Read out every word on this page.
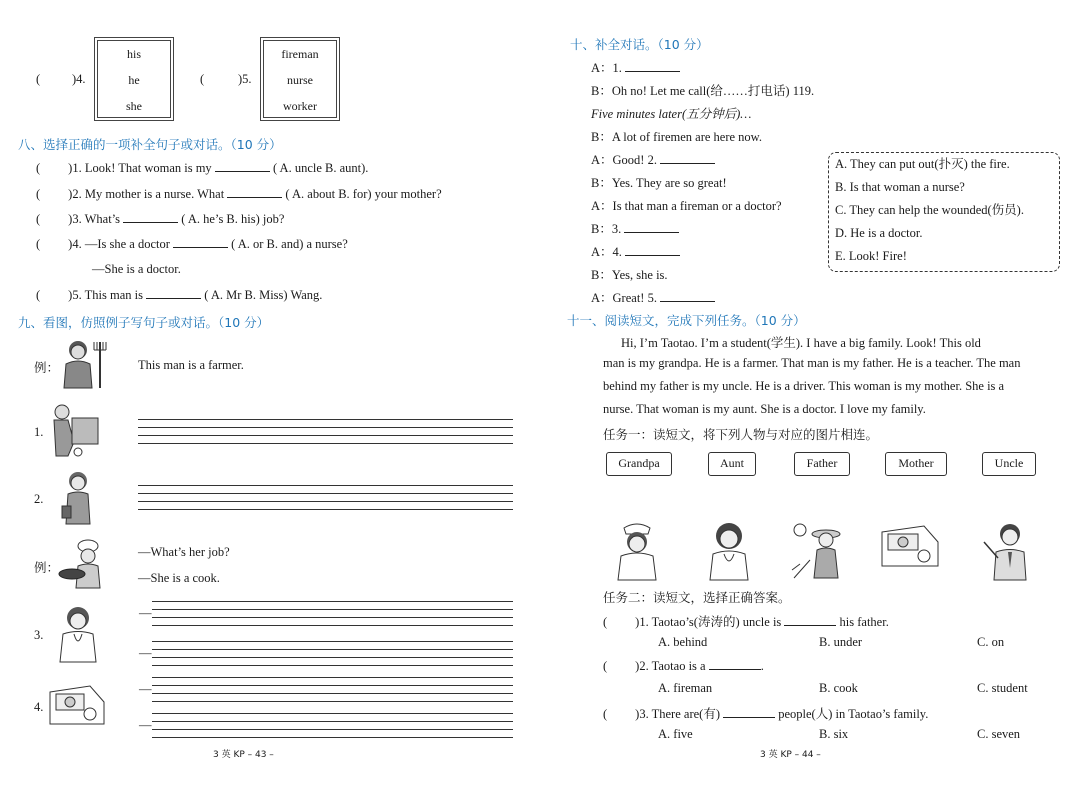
(	)4.
his
he
she
(	)5.
fireman
nurse
worker
八、选择正确的一项补全句子或对话。（10 分）
( )1. Look! That woman is my	( A. uncle B. aunt).
( )2. My mother is a nurse. What	( A. about B. for) your mother?
( )3. What’s	( A. he’s B. his) job?
( )4. —Is she a doctor	( A. or B. and) a nurse?
—She is a doctor.
( )5. This man is	( A. Mr B. Miss) Wang.
九、看图，仿照例子写句子或对话。（10 分）
例：	This man is a farmer.
1.
2.
例：
—What’s her job?
—She is a cook.
3.
—
—
4.
—
—
3 英 KP – 43 –
十、补全对话。（10 分）
A：1.
B：Oh no! Let me call(给……打电话) 119.
Five minutes later(五分钟后)…
B：A lot of firemen are here now.
A：Good! 2.
B：Yes. They are so great!
A：Is that man a fireman or a doctor?
B：3.
A：4.
B：Yes, she is.
A：Great! 5.
A. They can put out(扑灭) the fire.
B. Is that woman a nurse?
C. They can help the wounded(伤员).
D. He is a doctor.
E. Look! Fire!
十一、阅读短文，完成下列任务。（10 分）
Hi, I’m Taotao. I’m a student(学生). I have a big family. Look! This old
man is my grandpa. He is a farmer. That man is my father. He is a teacher. The man
behind my father is my uncle. He is a driver. This woman is my mother. She is a
nurse. That woman is my aunt. She is a doctor. I love my family.
任务一：读短文，将下列人物与对应的图片相连。
Grandpa	Aunt	Father	Mother	Uncle
任务二：读短文，选择正确答案。
( )1. Taotao’s(涛涛的) uncle is	his father.
A. behind	B. under	C. on
( )2. Taotao is a	.
A. fireman	B. cook	C. student
( )3. There are(有)	people(人) in Taotao’s family.
A. five	B. six	C. seven
3 英 KP – 44 –
